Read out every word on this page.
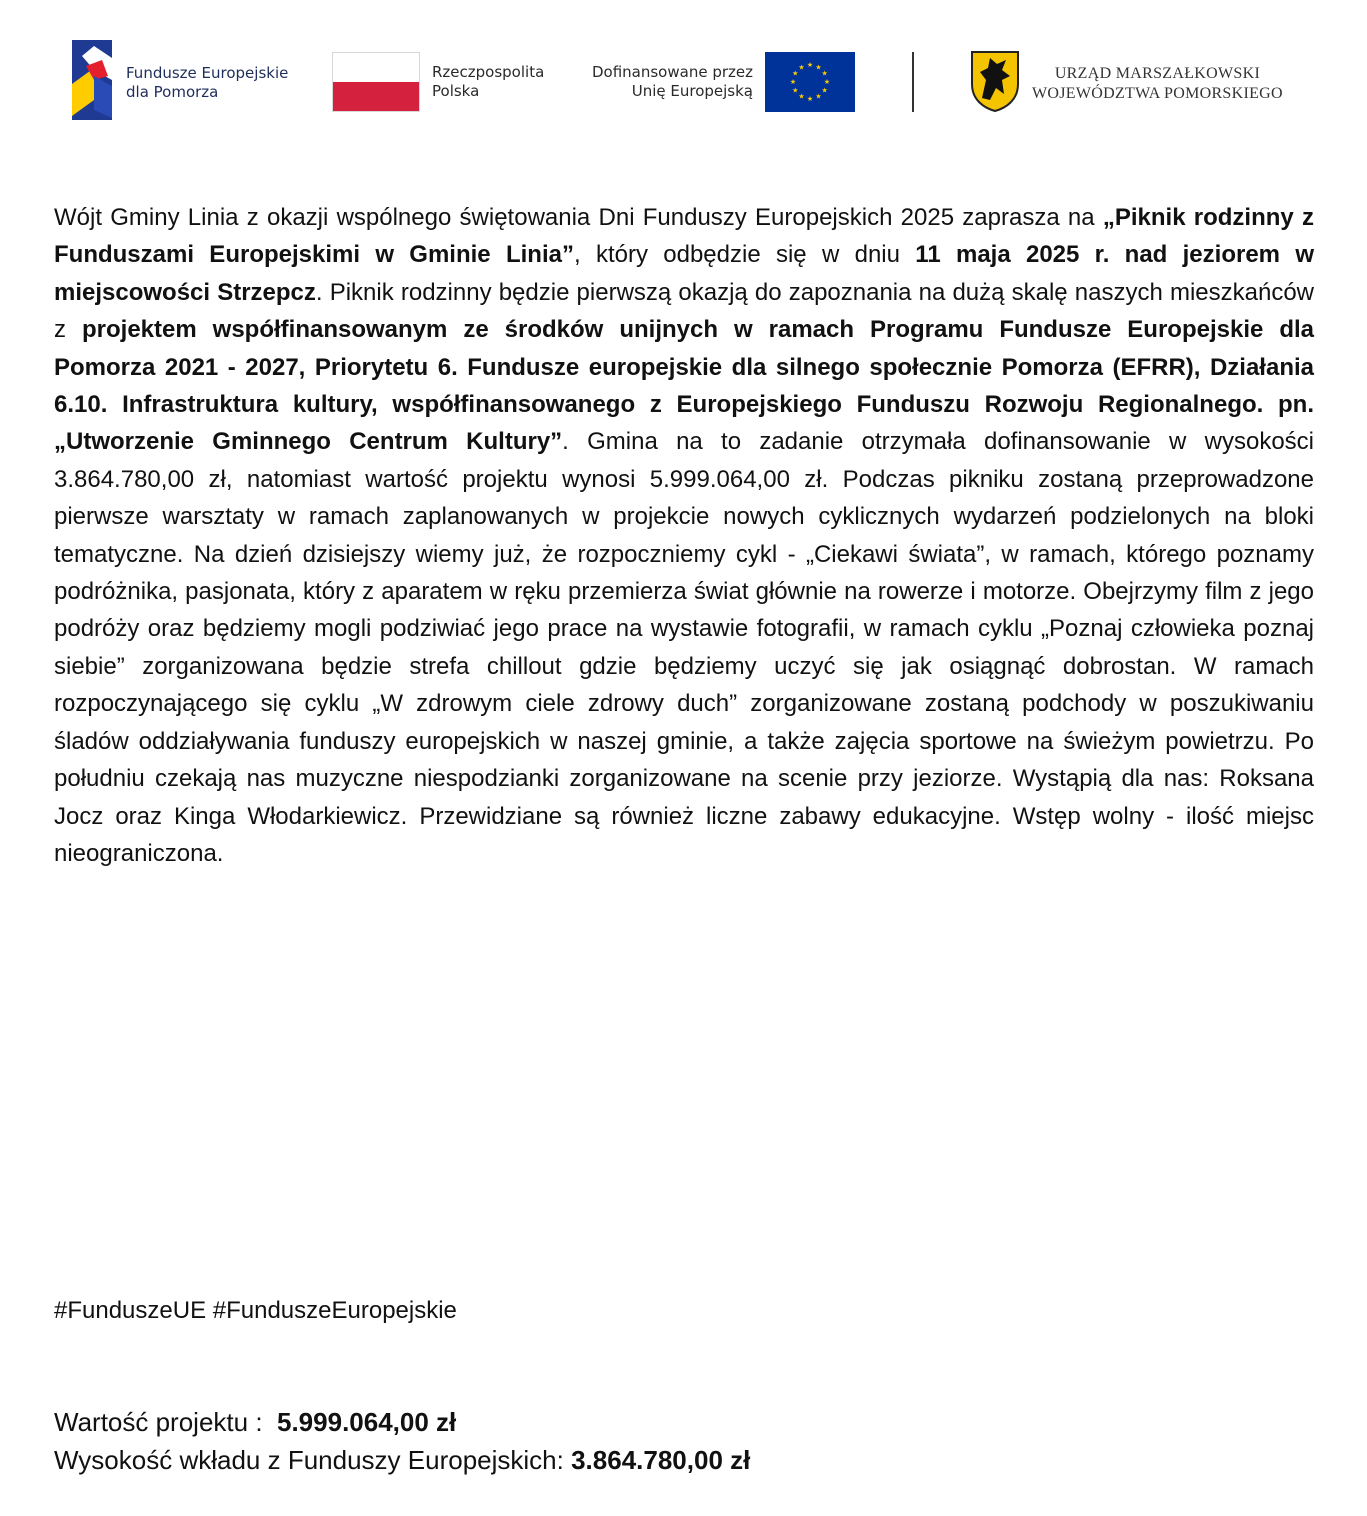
Fundusze Europejskie
dla Pomorza
Rzeczpospolita
Polska
Dofinansowane przez
Unię Europejską
★ ★
★
★
★
★
★
★
★
★
★
★	URZĄD MARSZAŁKOWSKI
WOJEWÓDZTWA POMORSKIEGO

Wójt Gminy Linia z okazji wspólnego świętowania Dni Funduszy Europejskich 2025 zaprasza na „Piknik rodzinny z Funduszami Europejskimi w Gminie Linia”, który odbędzie się w dniu 11 maja 2025 r. nad jeziorem w miejscowości Strzepcz. Piknik rodzinny będzie pierwszą okazją do zapoznania na dużą skalę naszych mieszkańców z projektem współfinansowanym ze środków unijnych w ramach Programu Fundusze Europejskie dla Pomorza 2021 - 2027, Priorytetu 6. Fundusze europejskie dla silnego społecznie Pomorza (EFRR), Działania 6.10. Infrastruktura kultury, współfinansowanego z Europejskiego Funduszu Rozwoju Regionalnego. pn. „Utworzenie Gminnego Centrum Kultury”. Gmina na to zadanie otrzymała dofinansowanie w wysokości 3.864.780,00 zł, natomiast wartość projektu wynosi 5.999.064,00 zł. Podczas pikniku zostaną przeprowadzone pierwsze warsztaty w ramach zaplanowanych w projekcie nowych cyklicznych wydarzeń podzielonych na bloki tematyczne. Na dzień dzisiejszy wiemy już, że rozpoczniemy cykl - „Ciekawi świata”, w ramach, którego poznamy podróżnika, pasjonata, który z aparatem w ręku przemierza świat głównie na rowerze i motorze. Obejrzymy film z jego podróży oraz będziemy mogli podziwiać jego prace na wystawie fotografii, w ramach cyklu „Poznaj człowieka poznaj siebie” zorganizowana będzie strefa chillout gdzie będziemy uczyć się jak osiągnąć dobrostan. W ramach rozpoczynającego się cyklu „W zdrowym ciele zdrowy duch” zorganizowane zostaną podchody w poszukiwaniu śladów oddziaływania funduszy europejskich w naszej gminie, a także zajęcia sportowe na świeżym powietrzu. Po południu czekają nas muzyczne niespodzianki zorganizowane na scenie przy jeziorze. Wystąpią dla nas: Roksana Jocz oraz Kinga Włodarkiewicz. Przewidziane są również liczne zabawy edukacyjne. Wstęp wolny - ilość miejsc nieograniczona.

#FunduszeUE #FunduszeEuropejskie
Wartość projektu :  5.999.064,00 zł
Wysokość wkładu z Funduszy Europejskich: 3.864.780,00 zł
